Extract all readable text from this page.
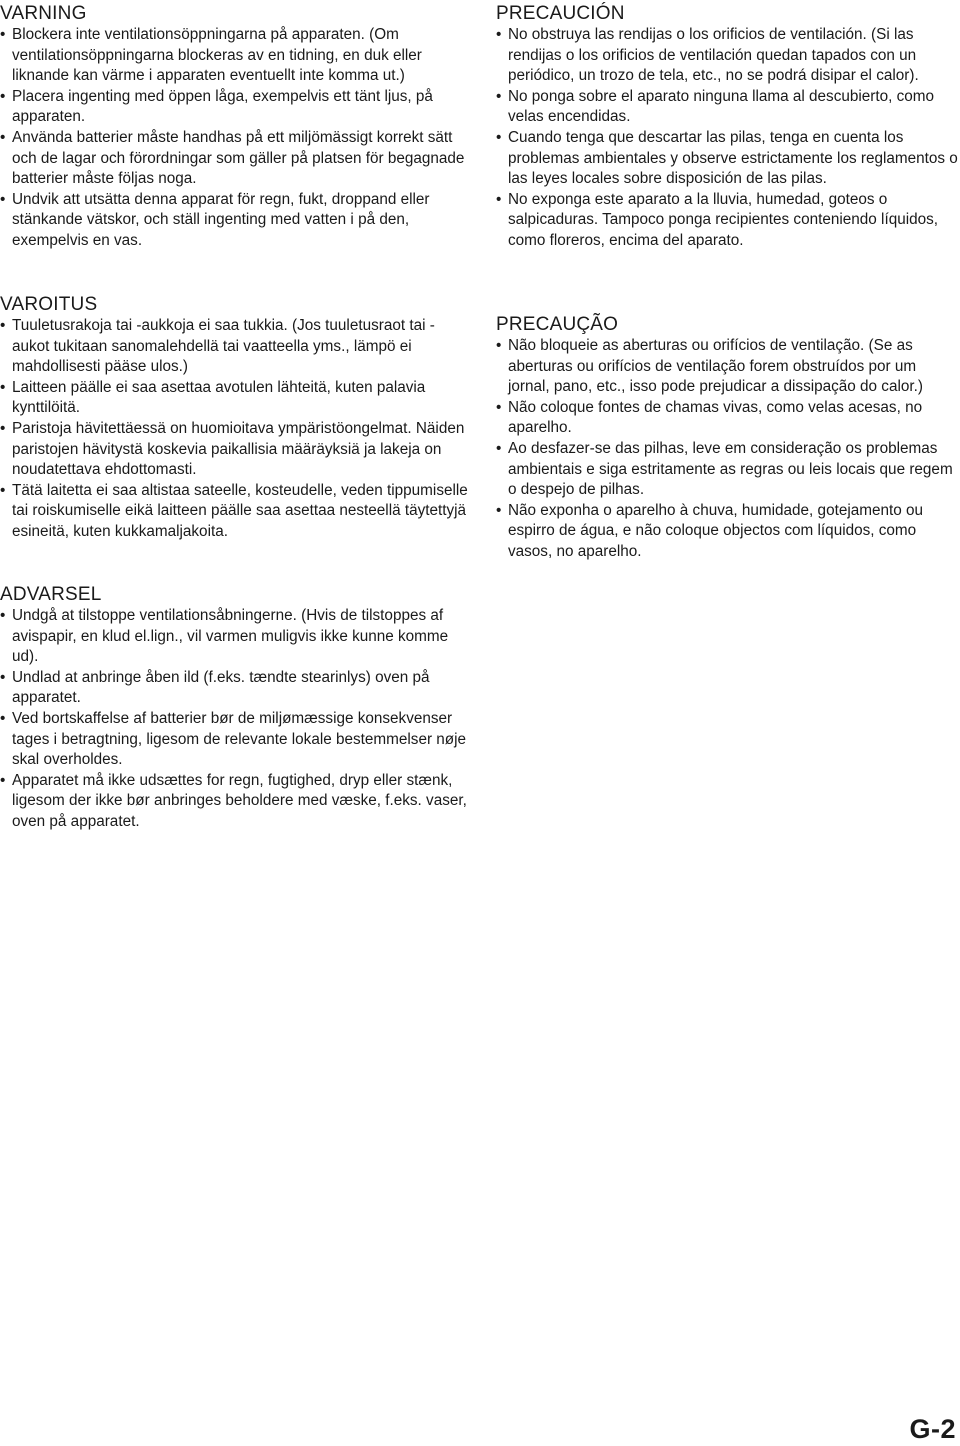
VARNING
• Blockera inte ventilationsöppningarna på apparaten. (Om ventilationsöppningarna blockeras av en tidning, en duk eller liknande kan värme i apparaten eventuellt inte komma ut.)
• Placera ingenting med öppen låga, exempelvis ett tänt ljus, på apparaten.
• Använda batterier måste handhas på ett miljömässigt korrekt sätt och de lagar och förordningar som gäller på platsen för begagnade batterier måste följas noga.
• Undvik att utsätta denna apparat för regn, fukt, droppand eller stänkande vätskor, och ställ ingenting med vatten i på den, exempelvis en vas.
VAROITUS
• Tuuletusrakoja tai -aukkoja ei saa tukkia. (Jos tuuletusraot tai -aukot tukitaan sanomalehdellä tai vaatteella yms., lämpö ei mahdollisesti pääse ulos.)
• Laitteen päälle ei saa asettaa avotulen lähteitä, kuten palavia kynttilöitä.
• Paristoja hävitettäessä on huomioitava ympäristöongelmat. Näiden paristojen hävitystä koskevia paikallisia määräyksiä ja lakeja on noudatettava ehdottomasti.
• Tätä laitetta ei saa altistaa sateelle, kosteudelle, veden tippumiselle tai roiskumiselle eikä laitteen päälle saa asettaa nesteellä täytettyjä esineitä, kuten kukkamaljakoita.
ADVARSEL
• Undgå at tilstoppe ventilationsåbningerne. (Hvis de tilstoppes af avispapir, en klud el.lign., vil varmen muligvis ikke kunne komme ud).
• Undlad at anbringe åben ild (f.eks. tændte stearinlys) oven på apparatet.
• Ved bortskaffelse af batterier bør de miljømæssige konsekvenser tages i betragtning, ligesom de relevante lokale bestemmelser nøje skal overholdes.
• Apparatet må ikke udsættes for regn, fugtighed, dryp eller stænk, ligesom der ikke bør anbringes beholdere med væske, f.eks. vaser, oven på apparatet.
PRECAUCIÓN
• No obstruya las rendijas o los orificios de ventilación. (Si las rendijas o los orificios de ventilación quedan tapados con un periódico, un trozo de tela, etc., no se podrá disipar el calor).
• No ponga sobre el aparato ninguna llama al descubierto, como velas encendidas.
• Cuando tenga que descartar las pilas, tenga en cuenta los problemas ambientales y observe estrictamente los reglamentos o las leyes locales sobre disposición de las pilas.
• No exponga este aparato a la lluvia, humedad, goteos o salpicaduras. Tampoco ponga recipientes conteniendo líquidos, como floreros, encima del aparato.
PRECAUÇÃO
• Não bloqueie as aberturas ou orifícios de ventilação. (Se as aberturas ou orifícios de ventilação forem obstruídos por um jornal, pano, etc., isso pode prejudicar a dissipação do calor.)
• Não coloque fontes de chamas vivas, como velas acesas, no aparelho.
• Ao desfazer-se das pilhas, leve em consideração os problemas ambientais e siga estritamente as regras ou leis locais que regem o despejo de pilhas.
• Não exponha o aparelho à chuva, humidade, gotejamento ou espirro de água, e não coloque objectos com líquidos, como vasos, no aparelho.
G-2
